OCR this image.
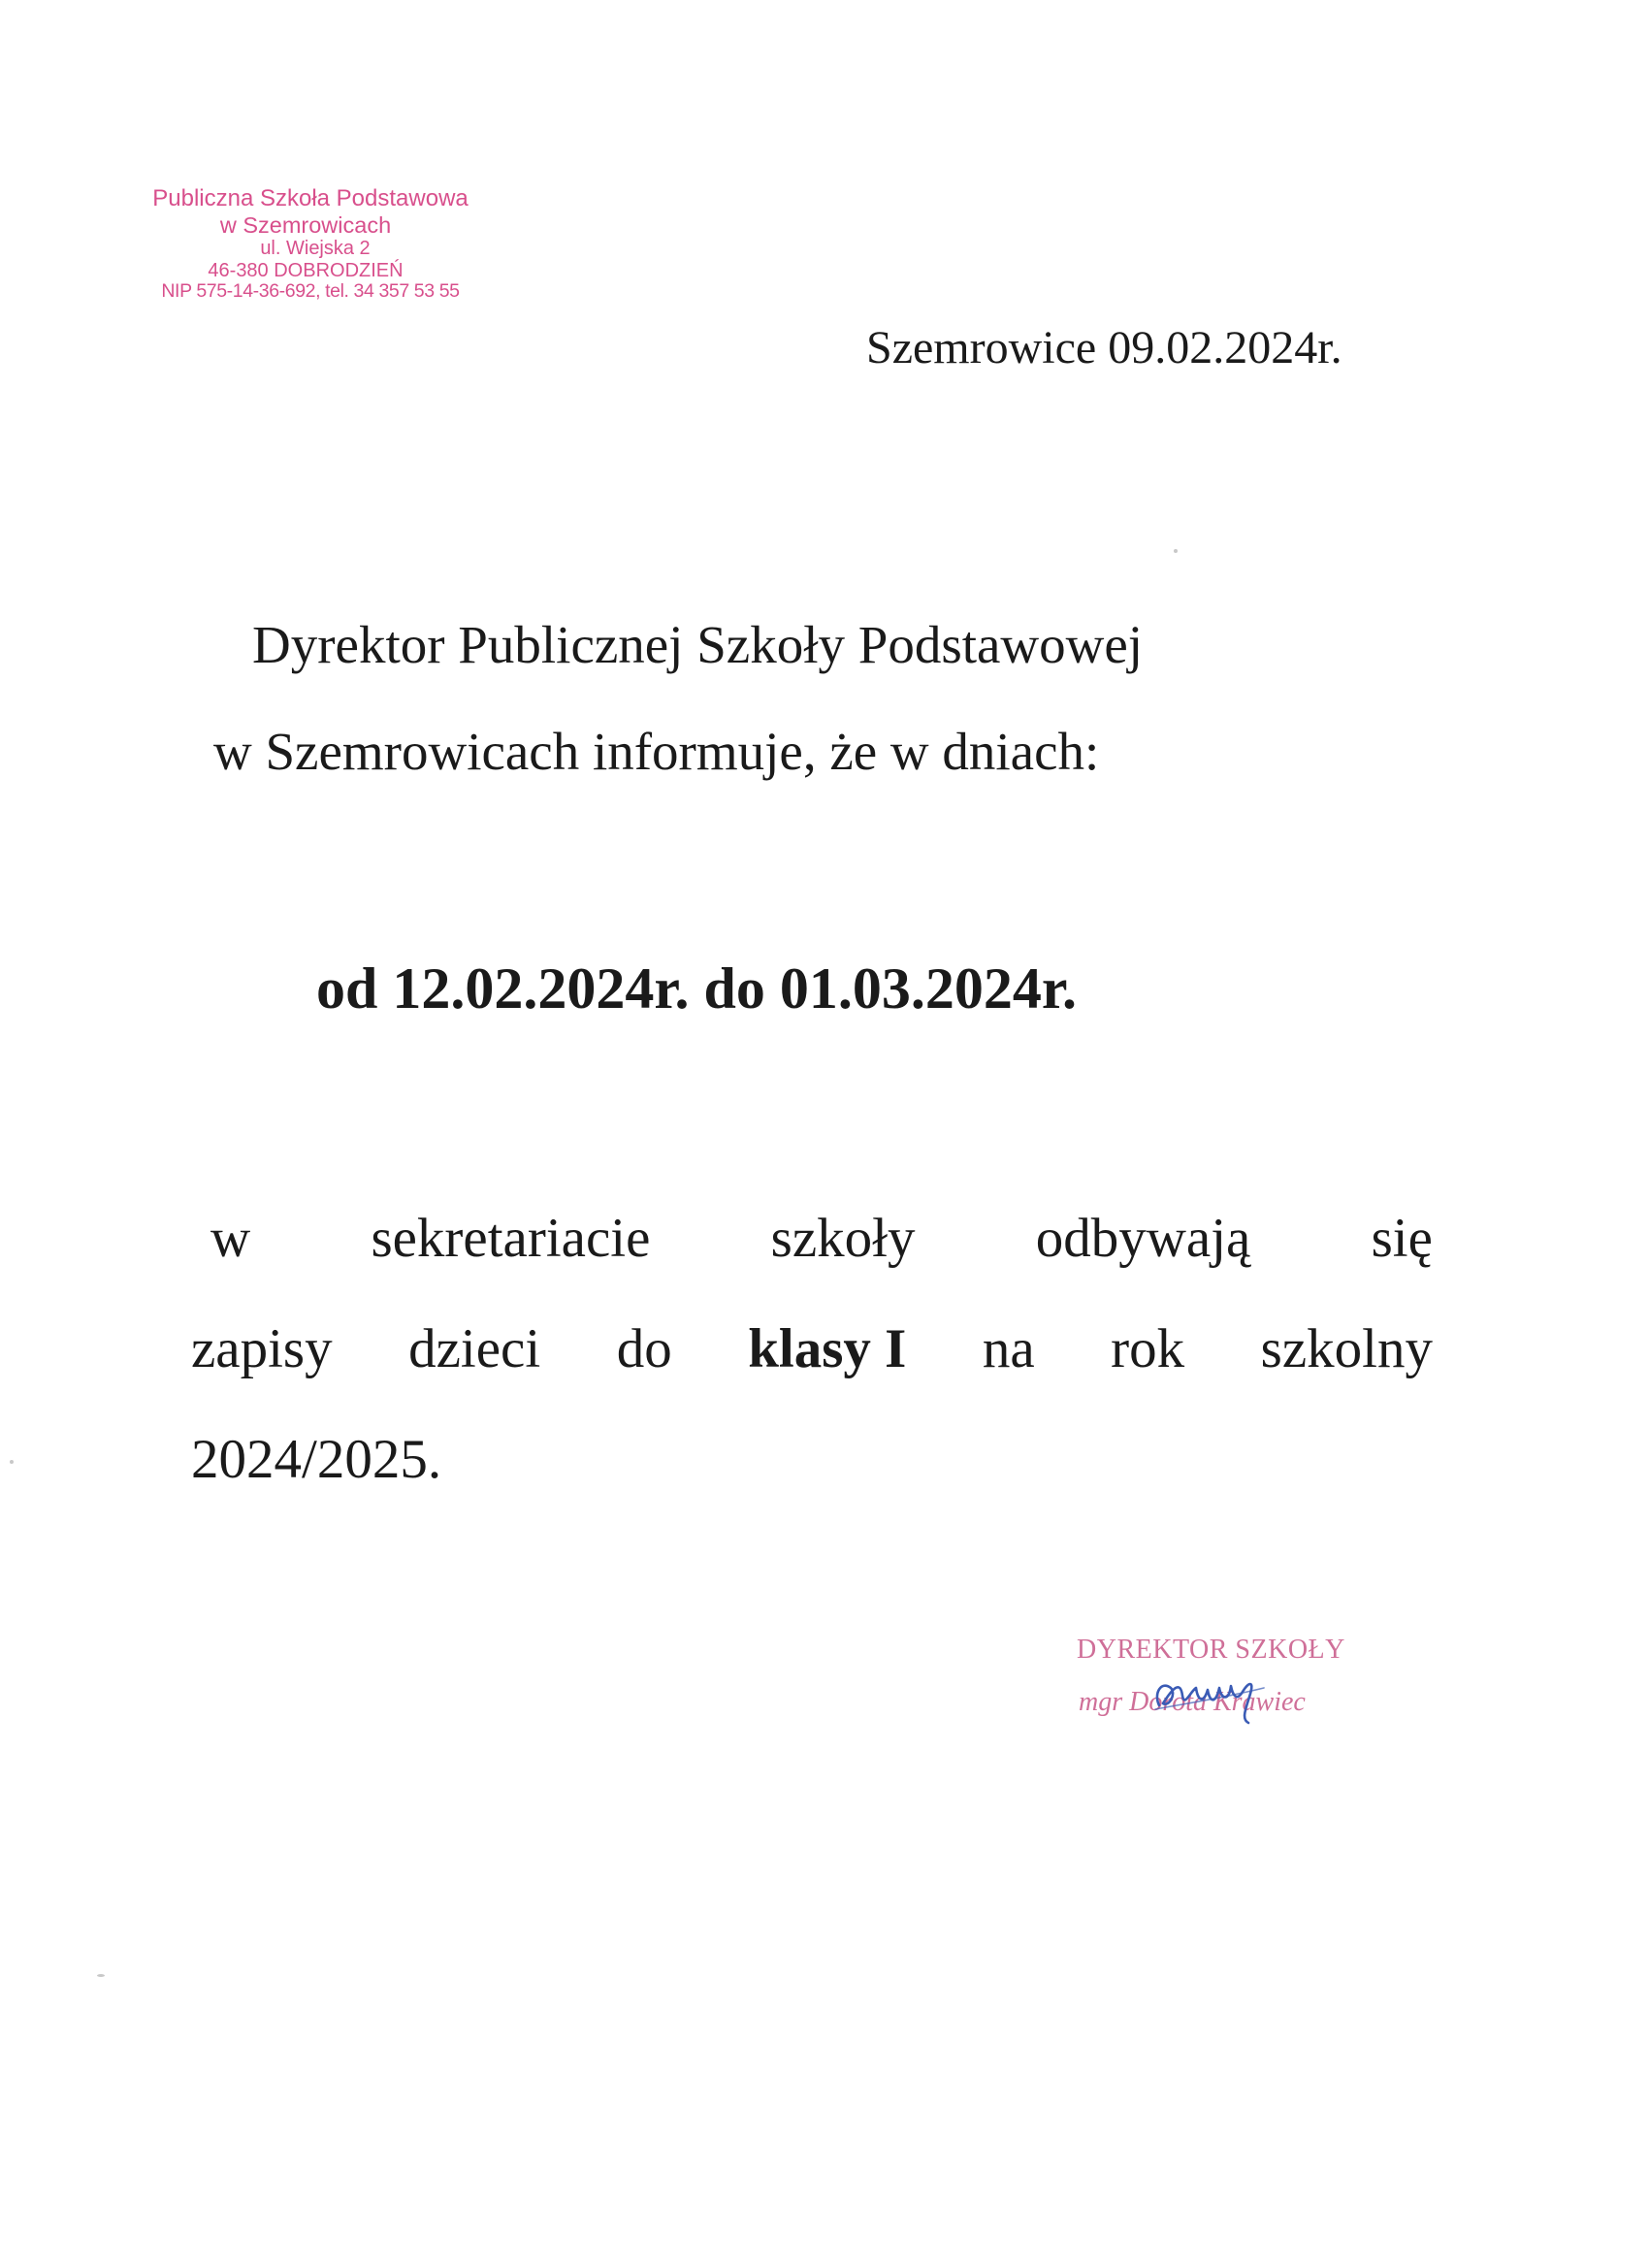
Publiczna Szkoła Podstawowa
w Szemrowicach
ul. Wiejska 2
46-380 DOBRODZIEŃ
NIP 575-14-36-692, tel. 34 357 53 55
Szemrowice 09.02.2024r.
Dyrektor Publicznej Szkoły Podstawowej
w Szemrowicach informuje, że w dniach:
od 12.02.2024r. do 01.03.2024r.
w sekretariacie szkoły odbywają się
zapisy dzieci do klasy I na rok szkolny
2024/2025.
DYREKTOR SZKOŁY
mgr Dorota Krawiec
